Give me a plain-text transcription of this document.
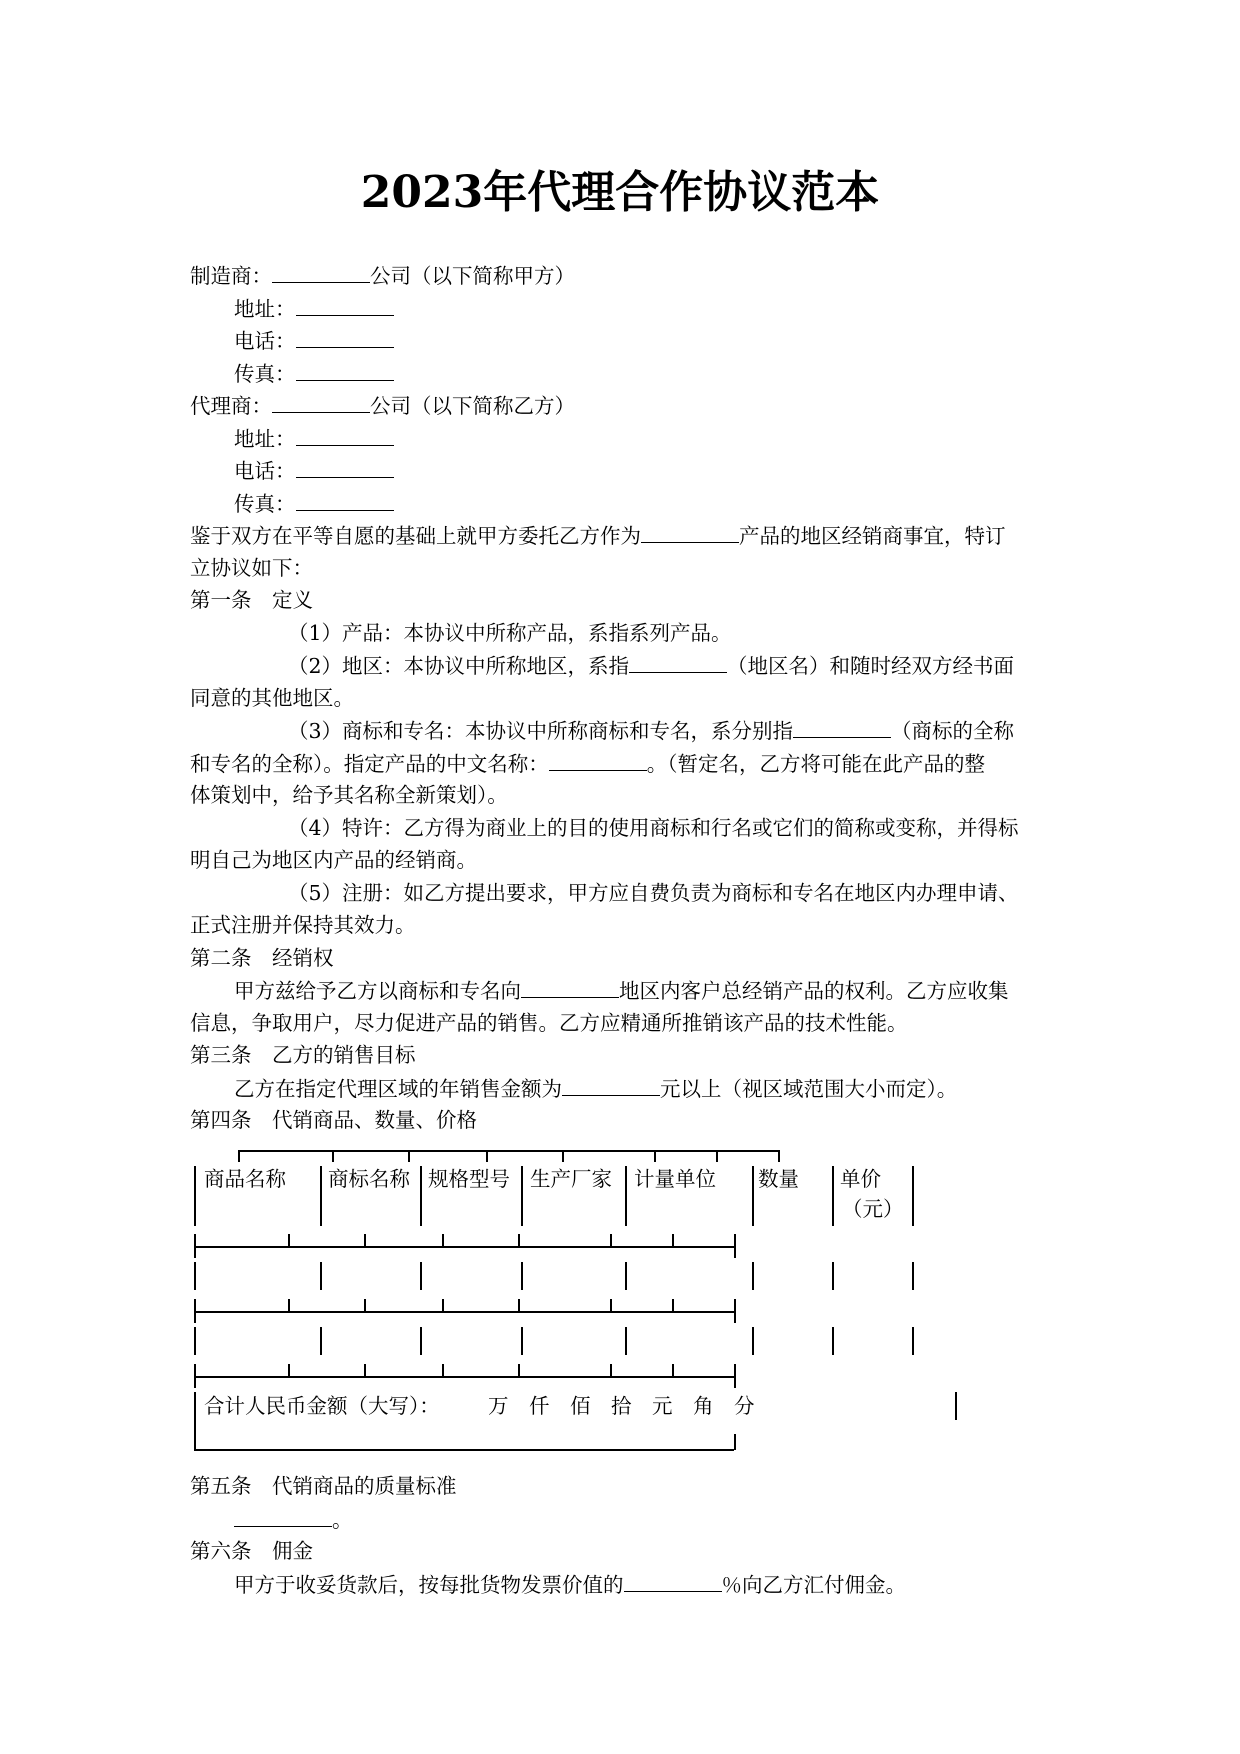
2023年代理合作协议范本
制造商：	公司（以下简称甲方）
地址：
电话：
传真：
代理商：	公司（以下简称乙方）
地址：
电话：
传真：
鉴于双方在平等自愿的基础上就甲方委托乙方作为	产品的地区经销商事宜，特订
立协议如下：
第一条　定义
（1）产品：本协议中所称产品，系指系列产品。
（2）地区：本协议中所称地区，系指	（地区名）和随时经双方经书面
同意的其他地区。
（3）商标和专名：本协议中所称商标和专名，系分别指	（商标的全称
和专名的全称）。指定产品的中文名称：	。（暂定名，乙方将可能在此产品的整
体策划中，给予其名称全新策划）。
（4）特许：乙方得为商业上的目的使用商标和行名或它们的简称或变称，并得标
明自己为地区内产品的经销商。
（5）注册：如乙方提出要求，甲方应自费负责为商标和专名在地区内办理申请、
正式注册并保持其效力。
第二条　经销权
甲方兹给予乙方以商标和专名向	地区内客户总经销产品的权利。乙方应收集
信息，争取用户，尽力促进产品的销售。乙方应精通所推销该产品的技术性能。
第三条　乙方的销售目标
乙方在指定代理区域的年销售金额为	元以上（视区域范围大小而定）。
第四条　代销商品、数量、价格
商品名称 商标名称 规格型号 生产厂家 计量单位 数量 单价
（元）
合计人民币金额（大写）： 万　仟　佰　拾　元　角　分
第五条　代销商品的质量标准
。
第六条　佣金
甲方于收妥货款后，按每批货物发票价值的	％向乙方汇付佣金。
